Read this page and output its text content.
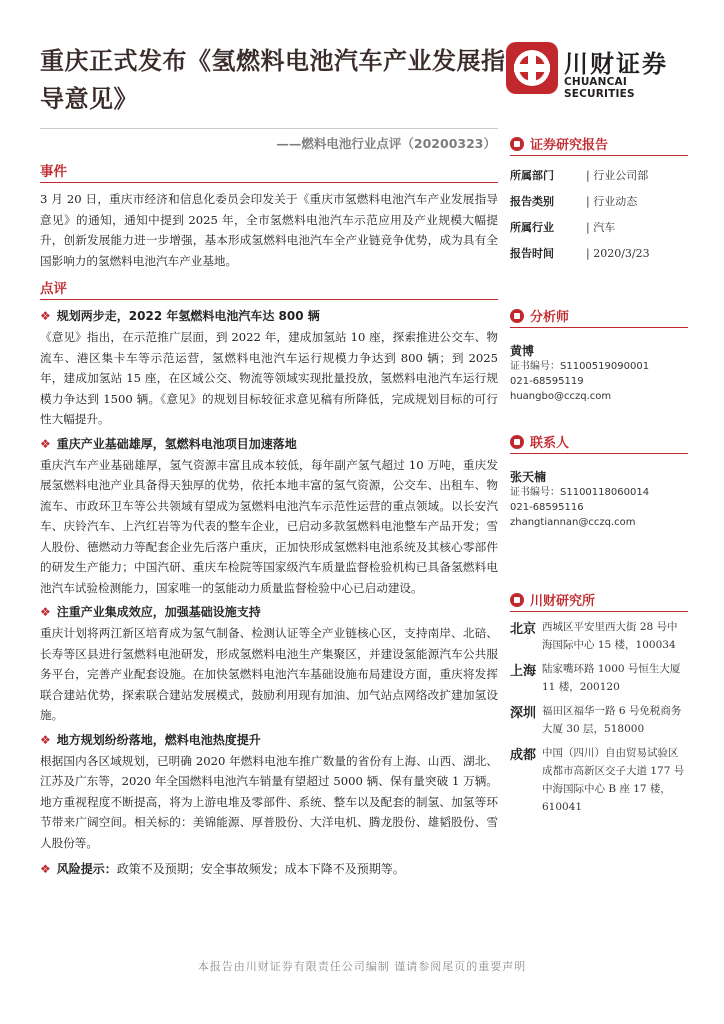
重庆正式发布《氢燃料电池汽车产业发展指导意见》
川财证券
CHUANCAI SECURITIES
——燃料电池行业点评（20200323）
事件

3 月 20 日，重庆市经济和信息化委员会印发关于《重庆市氢燃料电池汽车产业发展指导意见》的通知，通知中提到 2025 年，全市氢燃料电池汽车示范应用及产业规模大幅提升，创新发展能力进一步增强，基本形成氢燃料电池汽车全产业链竞争优势，成为具有全国影响力的氢燃料电池汽车产业基地。

点评
❖ 规划两步走，2022 年氢燃料电池汽车达 800 辆

《意见》指出，在示范推广层面，到 2022 年，建成加氢站 10 座，探索推进公交车、物流车、港区集卡车等示范运营，氢燃料电池汽车运行规模力争达到 800 辆；到 2025 年，建成加氢站 15 座，在区域公交、物流等领域实现批量投放，氢燃料电池汽车运行规模力争达到 1500 辆。《意见》的规划目标较征求意见稿有所降低，完成规划目标的可行性大幅提升。

❖ 重庆产业基础雄厚，氢燃料电池项目加速落地

重庆汽车产业基础雄厚，氢气资源丰富且成本较低，每年副产氢气超过 10 万吨，重庆发展氢燃料电池产业具备得天独厚的优势，依托本地丰富的氢气资源，公交车、出租车、物流车、市政环卫车等公共领域有望成为氢燃料电池汽车示范性运营的重点领域。以长安汽车、庆铃汽车、上汽红岩等为代表的整车企业，已启动多款氢燃料电池整车产品开发；雪人股份、德燃动力等配套企业先后落户重庆，正加快形成氢燃料电池系统及其核心零部件的研发生产能力；中国汽研、重庆车检院等国家级汽车质量监督检验机构已具备氢燃料电池汽车试验检测能力，国家唯一的氢能动力质量监督检验中心已启动建设。

❖ 注重产业集成效应，加强基础设施支持

重庆计划将两江新区培育成为氢气制备、检测认证等全产业链核心区，支持南岸、北碚、长寿等区县进行氢燃料电池研发，形成氢燃料电池生产集聚区，并建设氢能源汽车公共服务平台，完善产业配套设施。在加快氢燃料电池汽车基础设施布局建设方面，重庆将发挥联合建站优势，探索联合建站发展模式，鼓励利用现有加油、加气站点网络改扩建加氢设施。

❖ 地方规划纷纷落地，燃料电池热度提升

根据国内各区域规划，已明确 2020 年燃料电池车推广数量的省份有上海、山西、湖北、江苏及广东等，2020 年全国燃料电池汽车销量有望超过 5000 辆、保有量突破 1 万辆。地方重视程度不断提高，将为上游电堆及零部件、系统、整车以及配套的制氢、加氢等环节带来广阔空间。相关标的：美锦能源、厚普股份、大洋电机、腾龙股份、雄韬股份、雪人股份等。

❖ 风险提示：政策不及预期；安全事故频发；成本下降不及预期等。
证券研究报告
所属部门	| 行业公司部
报告类别	| 行业动态
所属行业	| 汽车
报告时间	| 2020/3/23
分析师
黄博
证书编号：S1100519090001
021-68595119
huangbo@cczq.com
联系人
张天楠
证书编号：S1100118060014
021-68595116
zhangtiannan@cczq.com
川财研究所
北京 西城区平安里西大街 28 号中海国际中心 15 楼，100034
上海 陆家嘴环路 1000 号恒生大厦 11 楼，200120
深圳 福田区福华一路 6 号免税商务大厦 30 层，518000
成都 中国（四川）自由贸易试验区成都市高新区交子大道 177 号中海国际中心 B 座 17 楼，610041
本报告由川财证券有限责任公司编制 谨请参阅尾页的重要声明
